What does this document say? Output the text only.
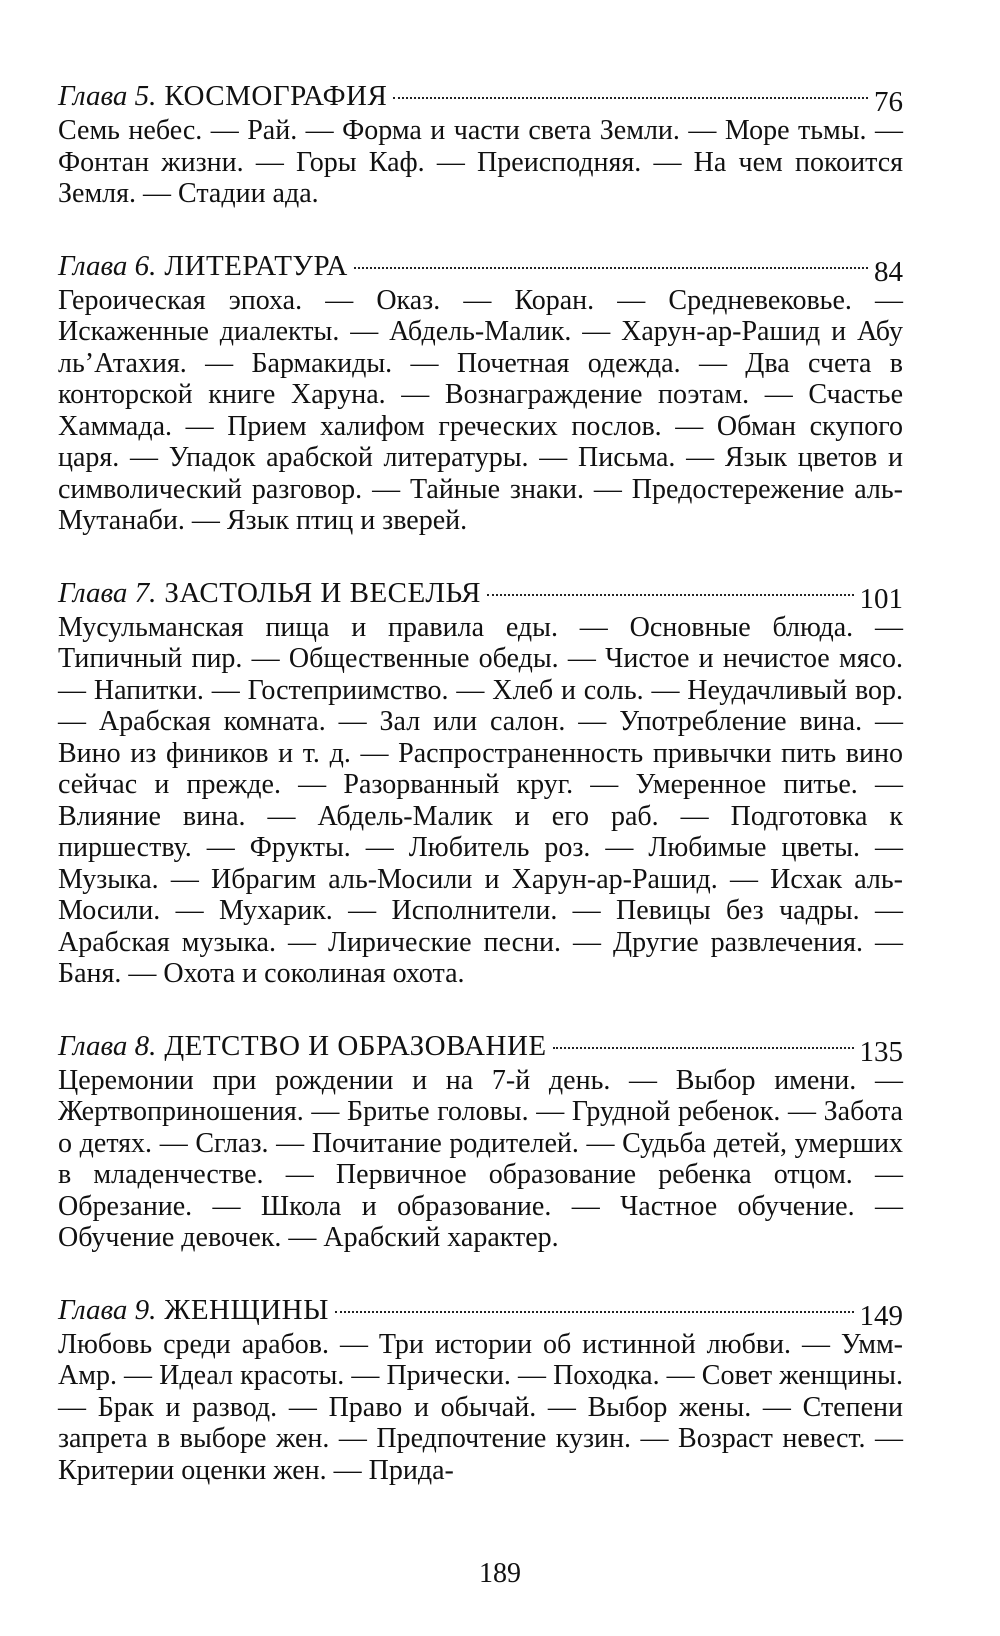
Глава 5. КОСМОГРАФИЯ	76

Семь небес. — Рай. — Форма и части света Земли. — Море тьмы. — Фонтан жизни. — Горы Каф. — Преисподняя. — На чем покоится Земля. — Стадии ада.

Глава 6. ЛИТЕРАТУРА	84

Героическая эпоха. — Оказ. — Коран. — Средневековье. — Искаженные диалекты. — Абдель-Малик. — Харун-ар-Рашид и Абу ль’Атахия. — Бармакиды. — Почетная одежда. — Два счета в конторской книге Харуна. — Вознаграждение поэтам. — Счастье Хаммада. — Прием халифом греческих послов. — Обман скупого царя. — Упадок арабской литературы. — Письма. — Язык цветов и символический разговор. — Тайные знаки. — Предостережение аль-Мутанаби. — Язык птиц и зверей.

Глава 7. ЗАСТОЛЬЯ И ВЕСЕЛЬЯ	101

Мусульманская пища и правила еды. — Основные блюда. — Типичный пир. — Общественные обеды. — Чистое и нечистое мясо. — Напитки. — Гостеприимство. — Хлеб и соль. — Неудачливый вор. — Арабская комната. — Зал или салон. — Употребление вина. — Вино из фиников и т. д. — Распространенность привычки пить вино сейчас и прежде. — Разорванный круг. — Умеренное питье. — Влияние вина. — Абдель-Малик и его раб. — Подготовка к пиршеству. — Фрукты. — Любитель роз. — Любимые цветы. — Музыка. — Ибрагим аль-Мосили и Харун-ар-Рашид. — Исхак аль-Мосили. — Мухарик. — Исполнители. — Певицы без чадры. — Арабская музыка. — Лирические песни. — Другие развлечения. — Баня. — Охота и соколиная охота.

Глава 8. ДЕТСТВО И ОБРАЗОВАНИЕ	135

Церемонии при рождении и на 7-й день. — Выбор имени. — Жертвоприношения. — Бритье головы. — Грудной ребенок. — Забота о детях. — Сглаз. — Почитание родителей. — Судьба детей, умерших в младенчестве. — Первичное образование ребенка отцом. — Обрезание. — Школа и образование. — Частное обучение. — Обучение девочек. — Арабский характер.

Глава 9. ЖЕНЩИНЫ	149

Любовь среди арабов. — Три истории об истинной любви. — Умм-Амр. — Идеал красоты. — Прически. — Походка. — Совет женщины. — Брак и развод. — Право и обычай. — Выбор жены. — Степени запрета в выборе жен. — Предпочтение кузин. — Возраст невест. — Критерии оценки жен. — Прида-

189
